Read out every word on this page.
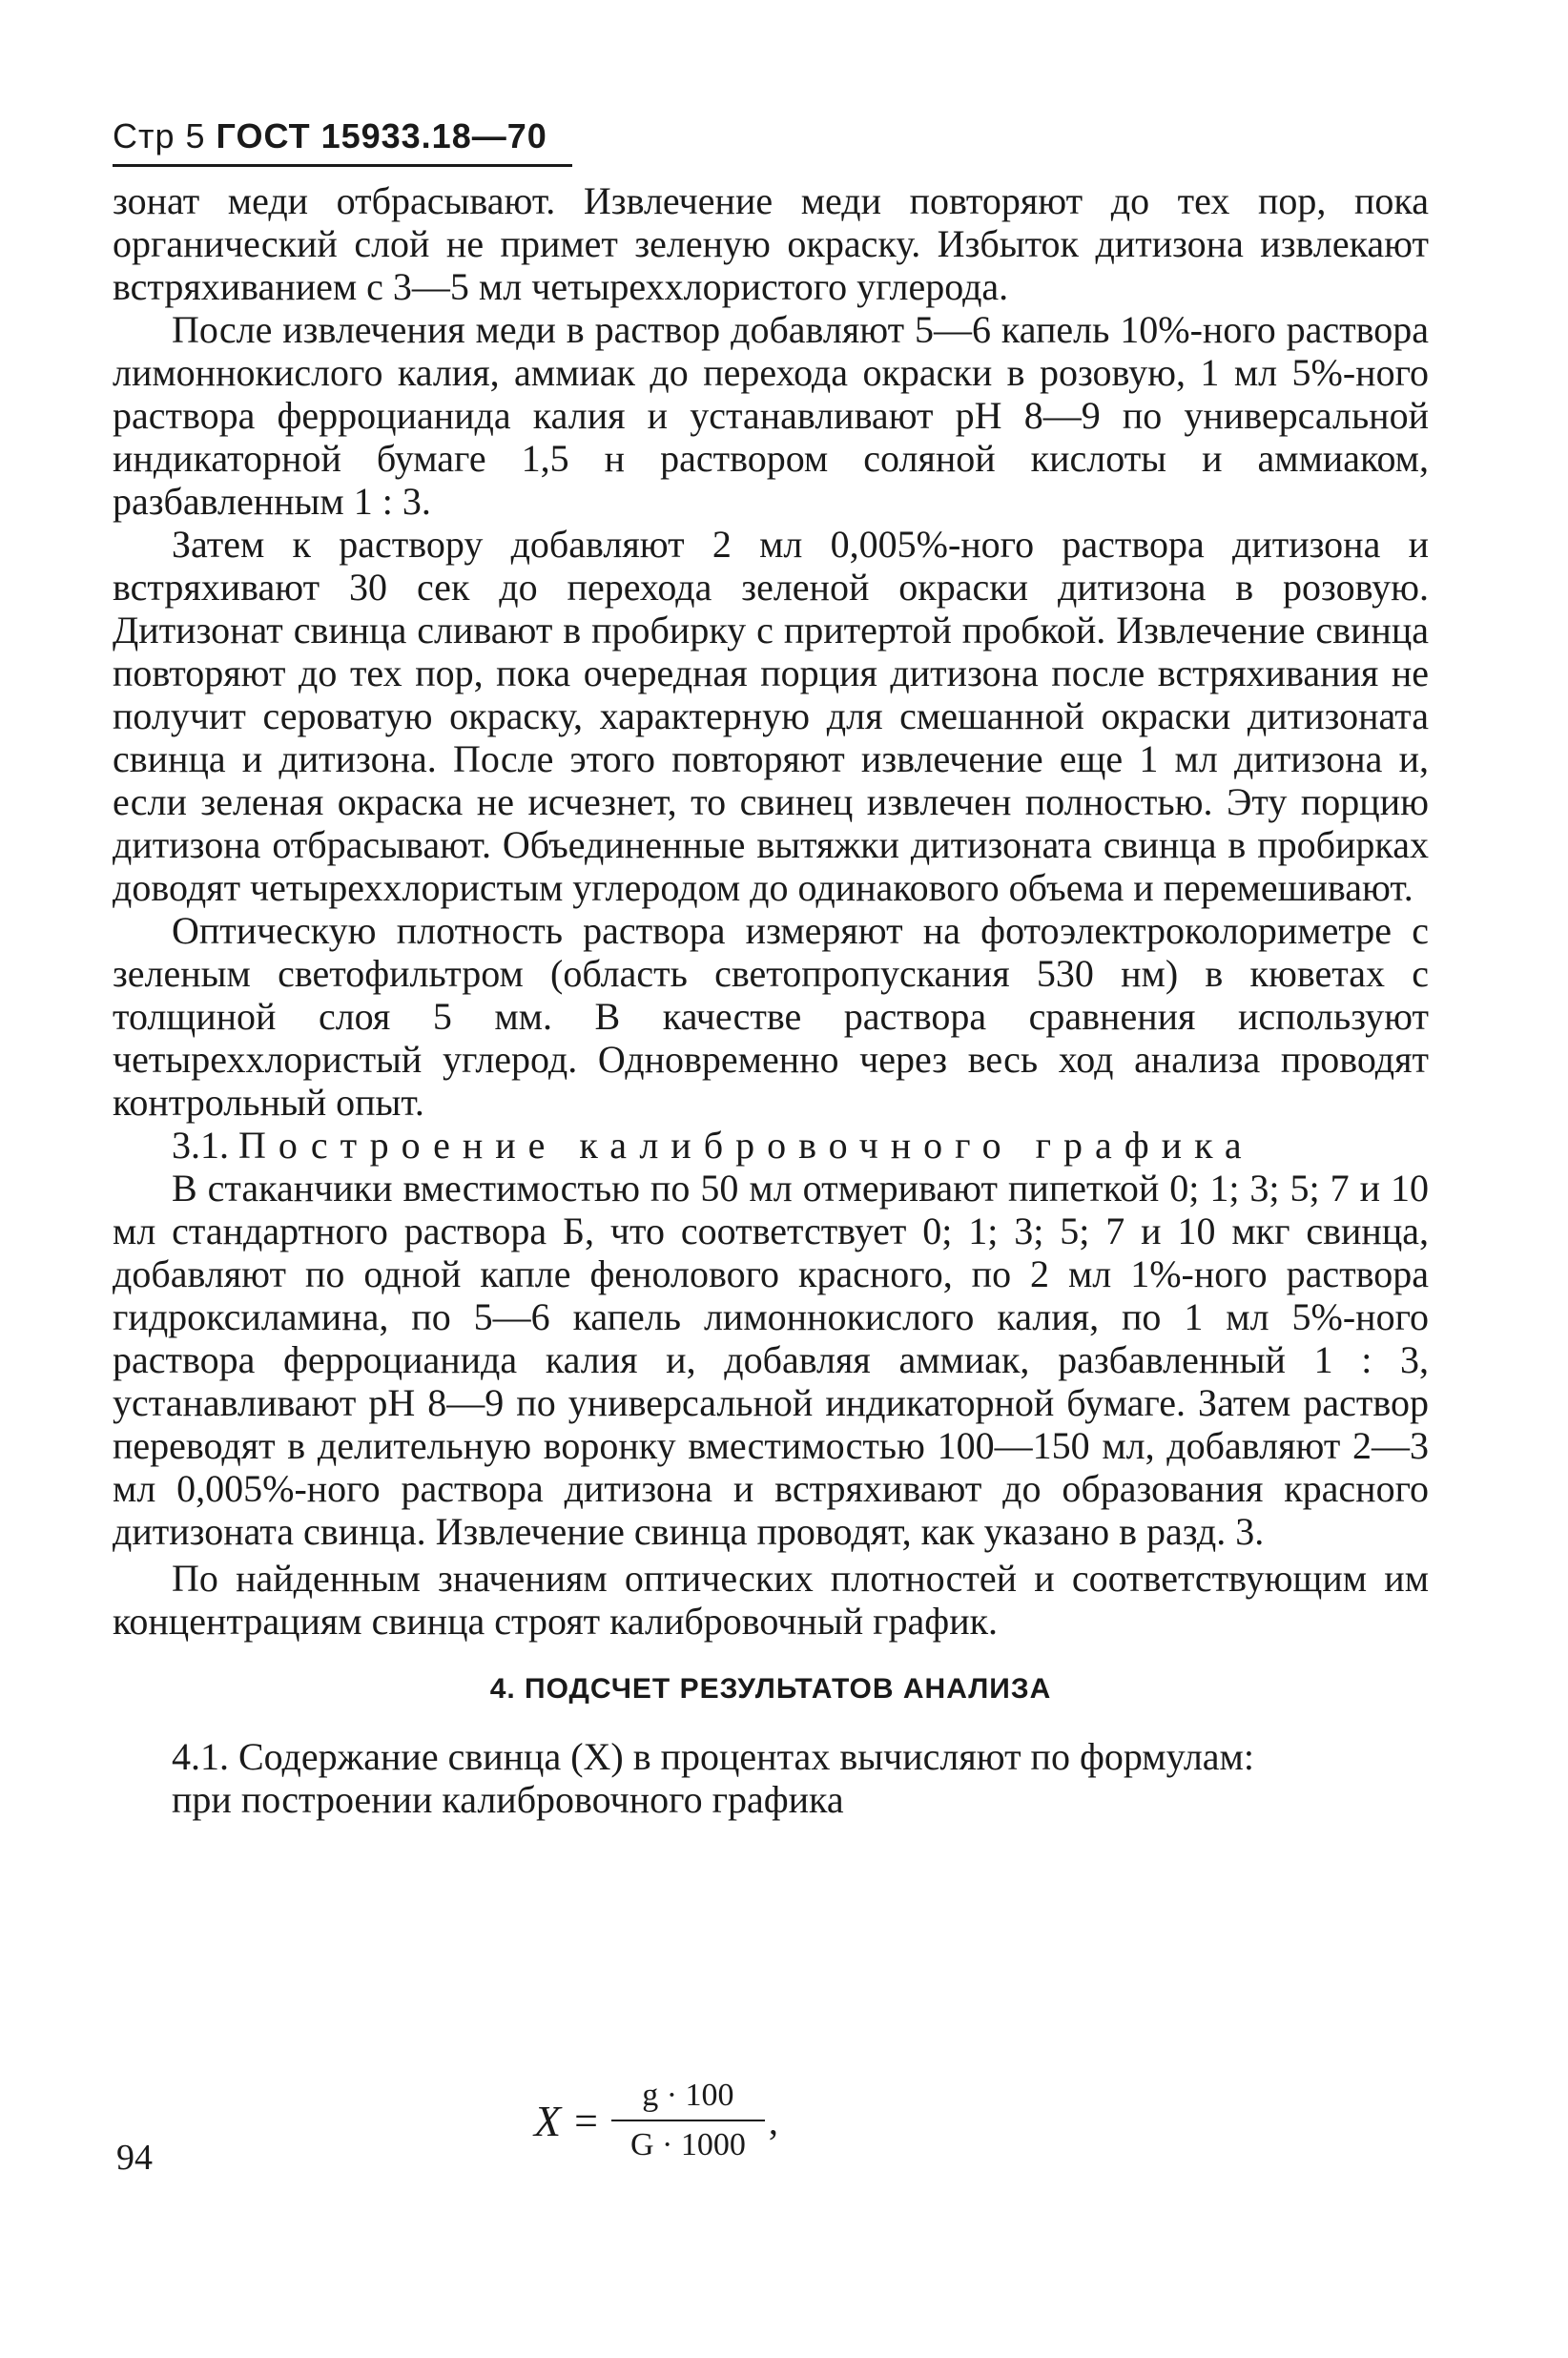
Стр 5 ГОСТ 15933.18—70

зонат меди отбрасывают. Извлечение меди повторяют до тех пор, пока органический слой не примет зеленую окраску. Избыток дитизона извлекают встряхиванием с 3—5 мл четыреххлористого углерода.

После извлечения меди в раствор добавляют 5—6 капель 10%-ного раствора лимоннокислого калия, аммиак до перехода окраски в розовую, 1 мл 5%-ного раствора ферроцианида калия и устанавливают pH 8—9 по универсальной индикаторной бумаге 1,5 н раствором соляной кислоты и аммиаком, разбавленным 1 : 3.

Затем к раствору добавляют 2 мл 0,005%-ного раствора дитизона и встряхивают 30 сек до перехода зеленой окраски дитизона в розовую. Дитизонат свинца сливают в пробирку с притертой пробкой. Извлечение свинца повторяют до тех пор, пока очередная порция дитизона после встряхивания не получит сероватую окраску, характерную для смешанной окраски дитизоната свинца и дитизона. После этого повторяют извлечение еще 1 мл дитизона и, если зеленая окраска не исчезнет, то свинец извлечен полностью. Эту порцию дитизона отбрасывают. Объединенные вытяжки дитизоната свинца в пробирках доводят четыреххлористым углеродом до одинакового объема и перемешивают.

Оптическую плотность раствора измеряют на фотоэлектроколориметре с зеленым светофильтром (область светопропускания 530 нм) в кюветах с толщиной слоя 5 мм. В качестве раствора сравнения используют четыреххлористый углерод. Одновременно через весь ход анализа проводят контрольный опыт.

3.1. Построение калибровочного графика

В стаканчики вместимостью по 50 мл отмеривают пипеткой 0; 1; 3; 5; 7 и 10 мл стандартного раствора Б, что соответствует 0; 1; 3; 5; 7 и 10 мкг свинца, добавляют по одной капле фенолового красного, по 2 мл 1%-ного раствора гидроксиламина, по 5—6 капель лимоннокислого калия, по 1 мл 5%-ного раствора ферроцианида калия и, добавляя аммиак, разбавленный 1 : 3, устанавливают pH 8—9 по универсальной индикаторной бумаге. Затем раствор переводят в делительную воронку вместимостью 100—150 мл, добавляют 2—3 мл 0,005%-ного раствора дитизона и встряхивают до образования красного дитизоната свинца. Извлечение свинца проводят, как указано в разд. 3.

По найденным значениям оптических плотностей и соответствующим им концентрациям свинца строят калибровочный график.

4. ПОДСЧЕТ РЕЗУЛЬТАТОВ АНАЛИЗА

4.1. Содержание свинца (X) в процентах вычисляют по формулам:

при построении калибровочного графика

$X = \frac{g \cdot 100}{G \cdot 1000}$ ,
94
